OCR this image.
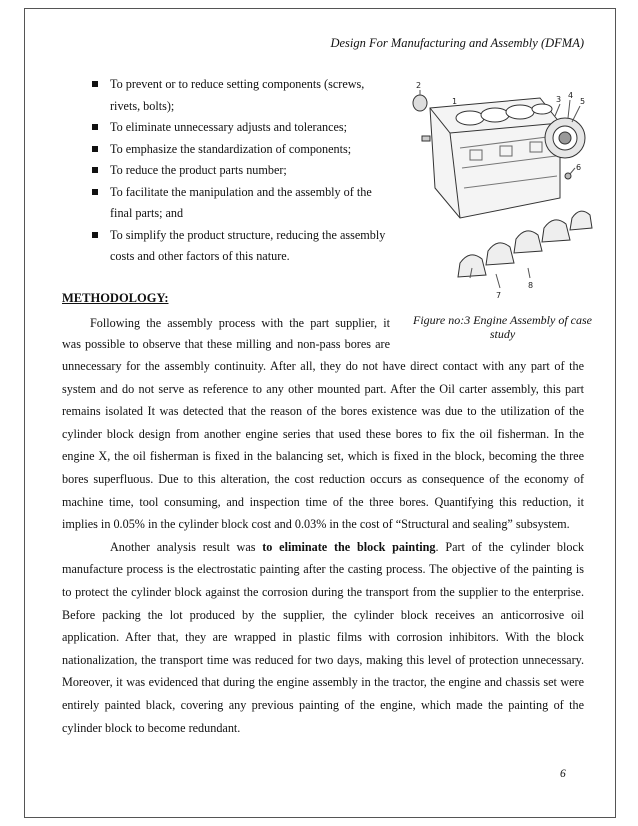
Design For Manufacturing and Assembly (DFMA)
To prevent or to reduce setting components (screws, rivets, bolts);
To eliminate unnecessary adjusts and tolerances;
To emphasize the standardization of components;
To reduce the product parts number;
To facilitate the manipulation and the assembly of the final parts; and
To simplify the product structure, reducing the assembly costs and other factors of this nature.
2
1	3 4
5
6
7
8
Figure no:3 Engine Assembly of case study
METHODOLOGY:

Following the assembly process with the part supplier, it

was possible to observe that these milling and non-pass bores are

unnecessary for the assembly continuity. After all, they do not have direct contact with any part of the system and do not serve as reference to any other mounted part. After the Oil carter assembly, this part remains isolated It was detected that the reason of the bores existence was due to the utilization of the cylinder block design from another engine series that used these bores to fix the oil fisherman. In the engine X, the oil fisherman is fixed in the balancing set, which is fixed in the block, becoming the three bores superfluous. Due to this alteration, the cost reduction occurs as consequence of the economy of machine time, tool consuming, and inspection time of the three bores. Quantifying this reduction, it implies in 0.05% in the cylinder block cost and 0.03% in the cost of “Structural and sealing” subsystem.

Another analysis result was to eliminate the block painting. Part of the cylinder block manufacture process is the electrostatic painting after the casting process. The objective of the painting is to protect the cylinder block against the corrosion during the transport from the supplier to the enterprise. Before packing the lot produced by the supplier, the cylinder block receives an anticorrosive oil application. After that, they are wrapped in plastic films with corrosion inhibitors. With the block nationalization, the transport time was reduced for two days, making this level of protection unnecessary. Moreover, it was evidenced that during the engine assembly in the tractor, the engine and chassis set were entirely painted black, covering any previous painting of the engine, which made the painting of the cylinder block to become redundant.

6
